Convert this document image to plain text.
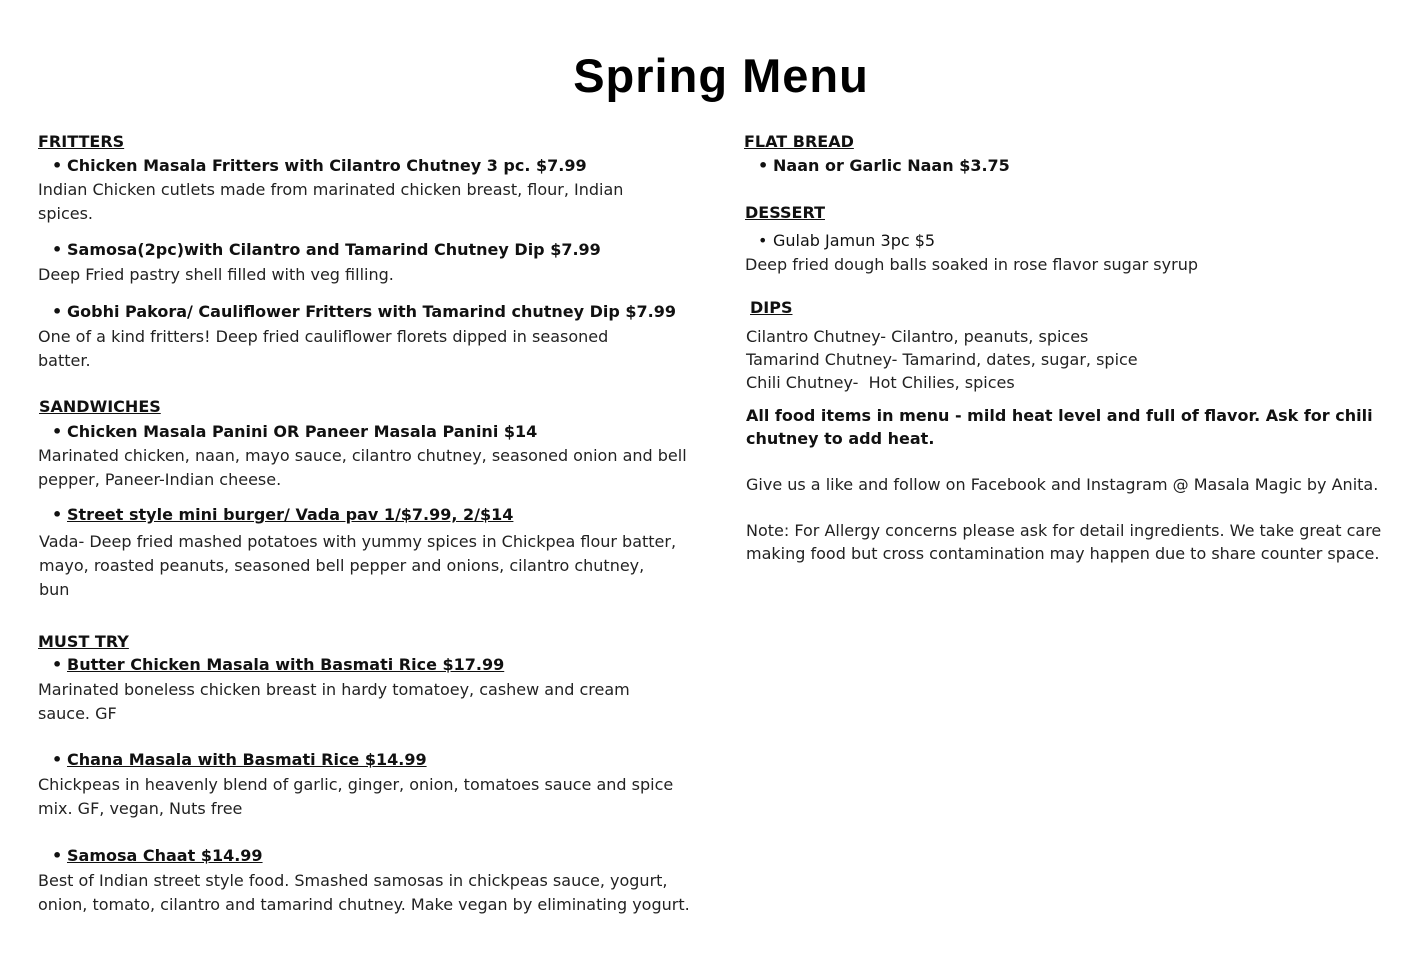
Spring Menu
FRITTERS
• Chicken Masala Fritters with Cilantro Chutney 3 pc. $7.99
Indian Chicken cutlets made from marinated chicken breast, flour, Indian spices.
• Samosa(2pc)with Cilantro and Tamarind Chutney Dip $7.99
Deep Fried pastry shell filled with veg filling.
• Gobhi Pakora/ Cauliflower Fritters with Tamarind chutney Dip $7.99
One of a kind fritters! Deep fried cauliflower florets dipped in seasoned batter.
SANDWICHES
• Chicken Masala Panini OR Paneer Masala Panini $14
Marinated chicken, naan, mayo sauce, cilantro chutney, seasoned onion and bell pepper, Paneer-Indian cheese.
• Street style mini burger/ Vada pav 1/$7.99, 2/$14
Vada- Deep fried mashed potatoes with yummy spices in Chickpea flour batter, mayo, roasted peanuts, seasoned bell pepper and onions, cilantro chutney, bun
MUST TRY
• Butter Chicken Masala with Basmati Rice $17.99
Marinated boneless chicken breast in hardy tomatoey, cashew and cream sauce. GF
• Chana Masala with Basmati Rice $14.99
Chickpeas in heavenly blend of garlic, ginger, onion, tomatoes sauce and spice mix. GF, vegan, Nuts free
• Samosa Chaat $14.99
Best of Indian street style food. Smashed samosas in chickpeas sauce, yogurt, onion, tomato, cilantro and tamarind chutney. Make vegan by eliminating yogurt.
FLAT BREAD
• Naan or Garlic Naan $3.75
DESSERT
• Gulab Jamun 3pc $5
Deep fried dough balls soaked in rose flavor sugar syrup
DIPS
Cilantro Chutney- Cilantro, peanuts, spices
Tamarind Chutney- Tamarind, dates, sugar, spice
Chili Chutney-  Hot Chilies, spices
All food items in menu - mild heat level and full of flavor. Ask for chili chutney to add heat.
Give us a like and follow on Facebook and Instagram @ Masala Magic by Anita.
Note: For Allergy concerns please ask for detail ingredients. We take great care making food but cross contamination may happen due to share counter space.
